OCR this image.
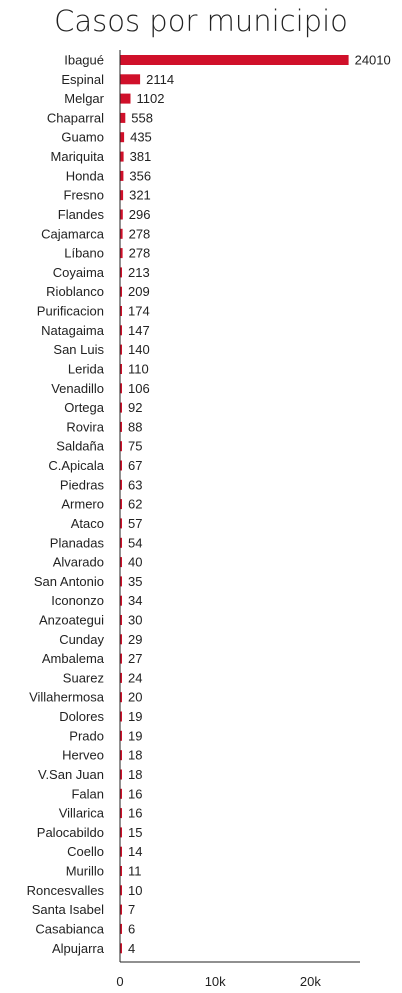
Casos por municipio
Ibagué	24010
Espinal	2114
Melgar	1102
Chaparral 558
Guamo 435
Mariquita 381
Honda 356
Fresno 321
Flandes 296
Cajamarca 278
Líbano 278
Coyaima 213
Rioblanco 209
Purificacion 174
Natagaima 147
San Luis 140
Lerida 110
Venadillo 106
Ortega 92
Rovira 88
Saldaña 75
C.Apicala 67
Piedras 63
Armero 62
Ataco 57
Planadas 54
Alvarado 40
San Antonio 35
Icononzo 34
Anzoategui 30
Cunday 29
Ambalema 27
Suarez 24
Villahermosa 20
Dolores 19
Prado 19
Herveo 18
V.San Juan 18
Falan 16
Villarica 16
Palocabildo 15
Coello 14
Murillo 11
Roncesvalles 10
Santa Isabel 7
Casabianca 6
Alpujarra 4
0	10k	20k
